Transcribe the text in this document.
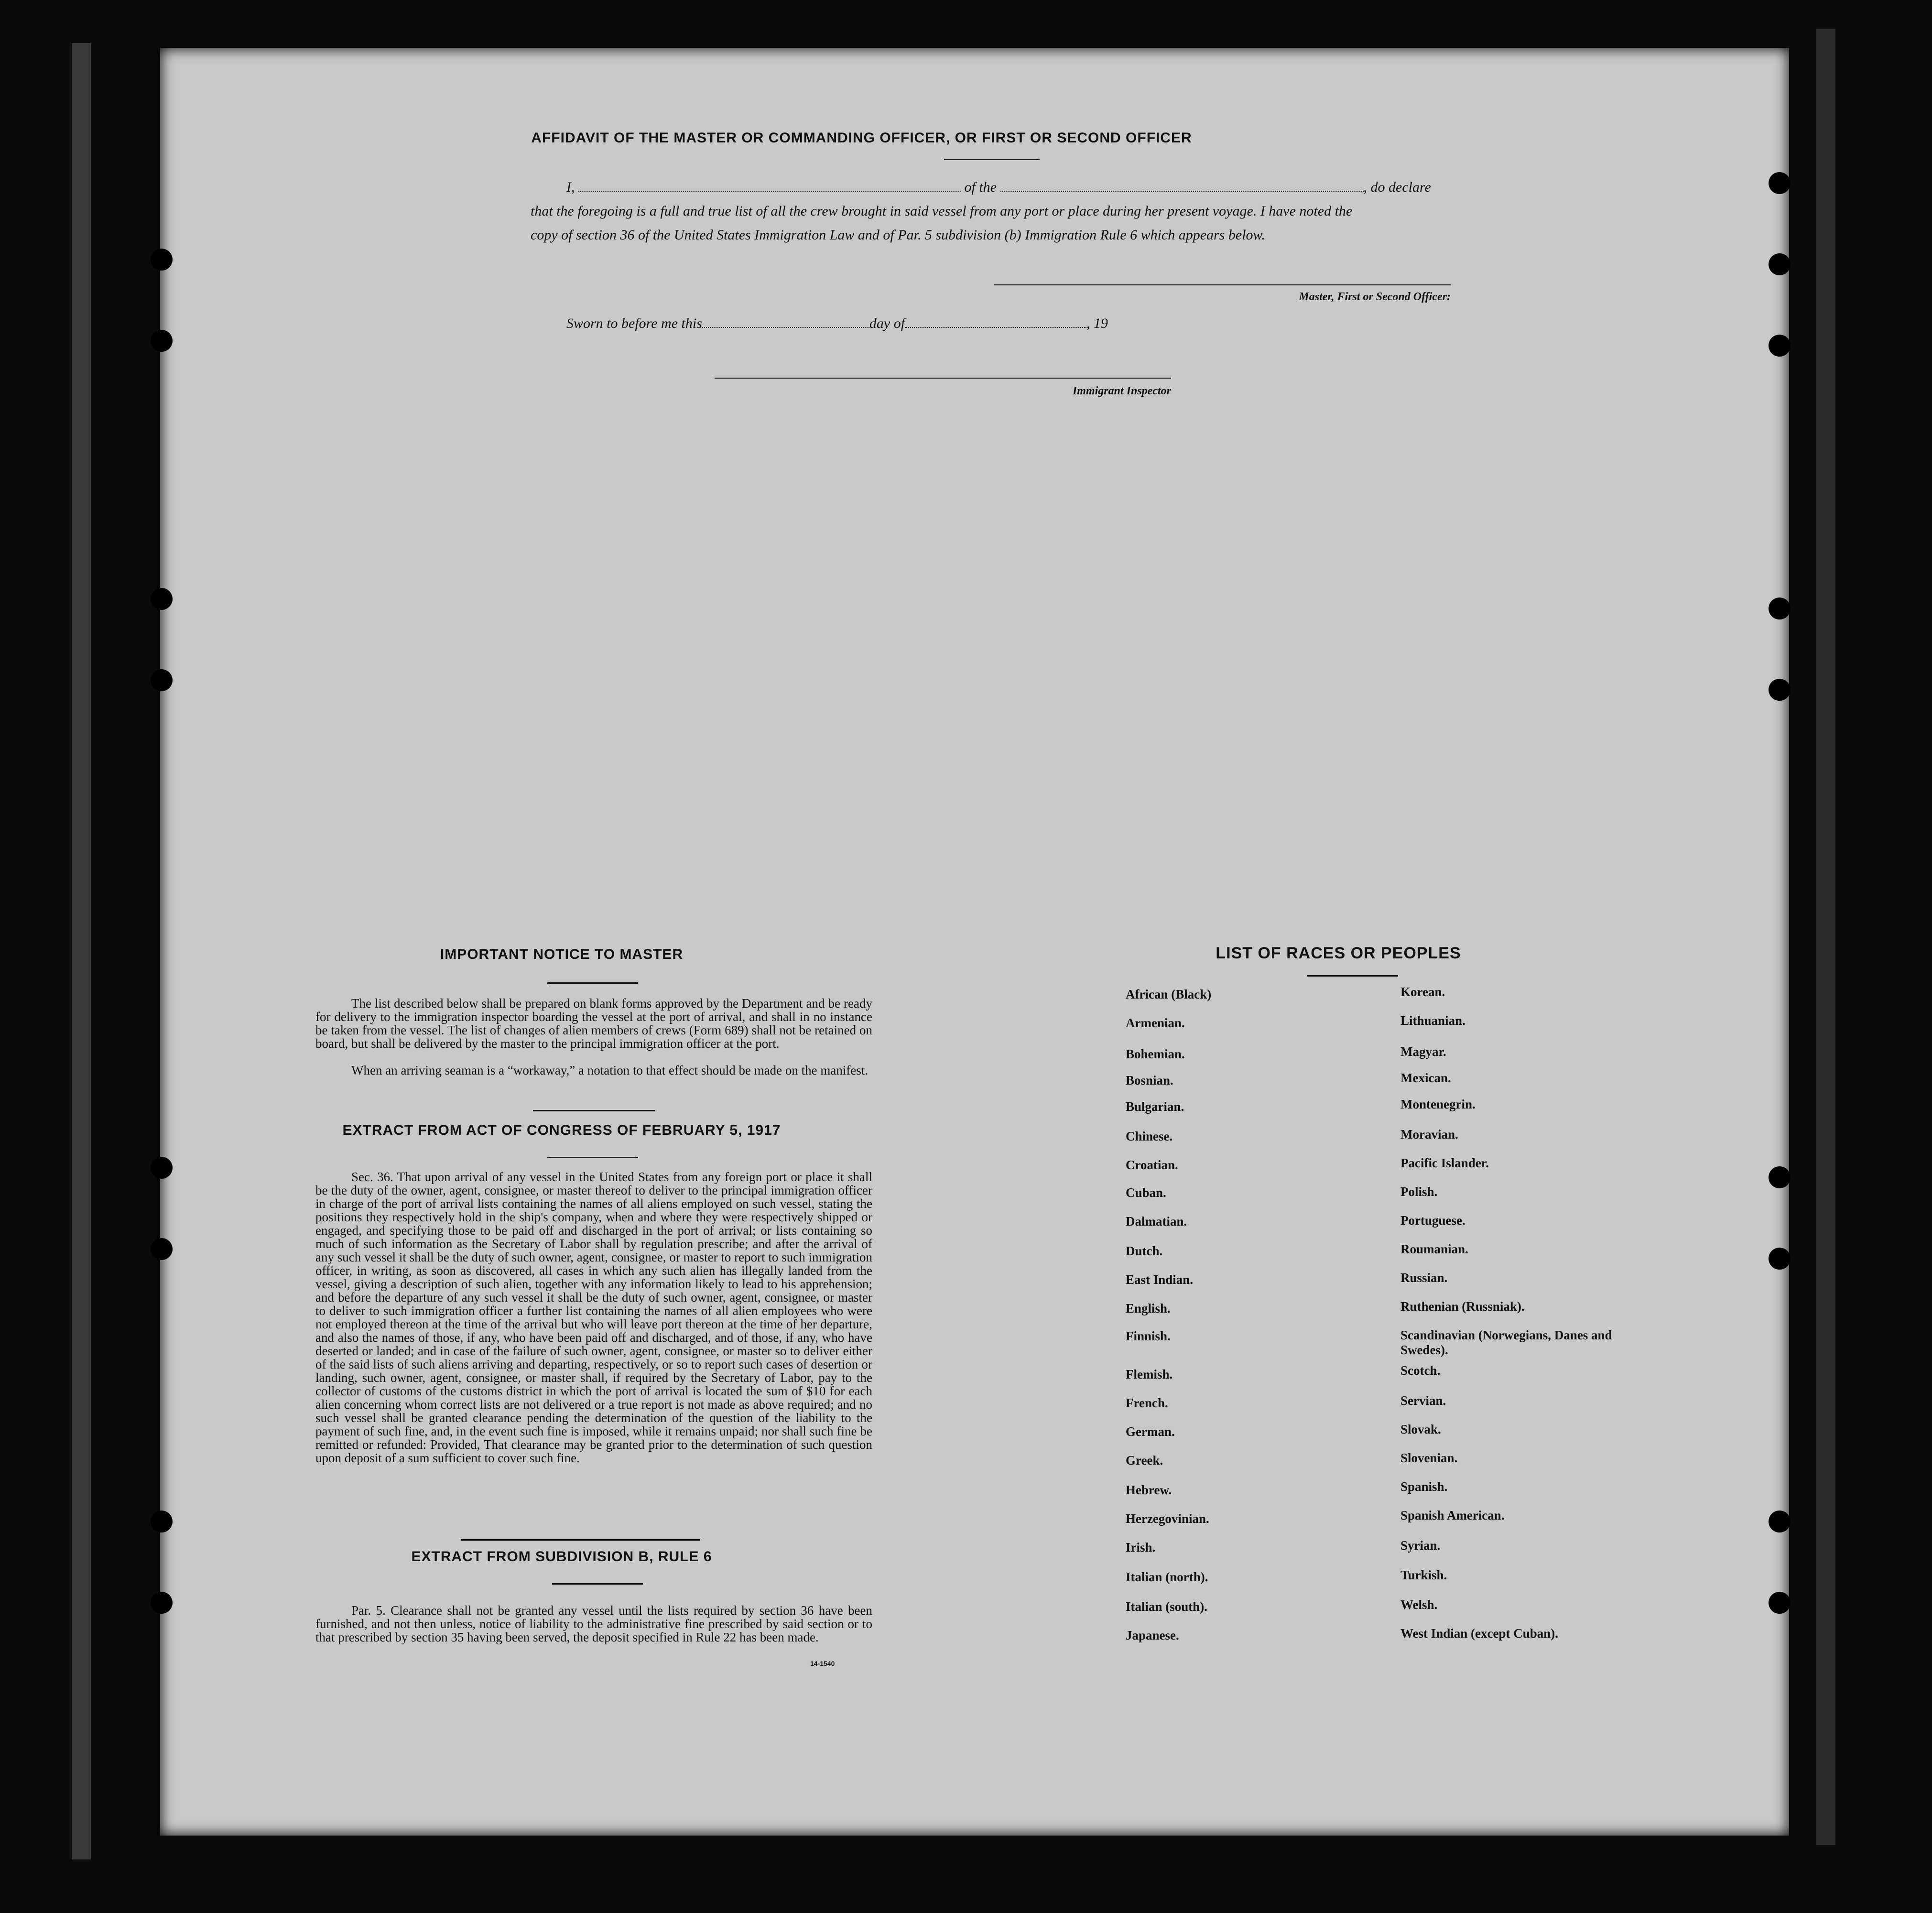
AFFIDAVIT OF THE MASTER OR COMMANDING OFFICER, OR FIRST OR SECOND OFFICER
I,	of the	, do declare
that the foregoing is a full and true list of all the crew brought in said vessel from any port or place during her present voyage. I have noted the
copy of section 36 of the United States Immigration Law and of Par. 5 subdivision (b) Immigration Rule 6 which appears below.
Master, First or Second Officer:
Sworn to before me this	day of	, 19
Immigrant Inspector
IMPORTANT NOTICE TO MASTER
The list described below shall be prepared on blank forms approved by the Department and be ready for delivery to the immigration inspector boarding the vessel at the port of arrival, and shall in no instance be taken from the vessel. The list of changes of alien members of crews (Form 689) shall not be retained on board, but shall be delivered by the master to the principal immigration officer at the port.
When an arriving seaman is a “workaway,” a notation to that effect should be made on the manifest.
EXTRACT FROM ACT OF CONGRESS OF FEBRUARY 5, 1917
Sec. 36. That upon arrival of any vessel in the United States from any foreign port or place it shall be the duty of the owner, agent, consignee, or master thereof to deliver to the principal immigration officer in charge of the port of arrival lists containing the names of all aliens employed on such vessel, stating the positions they respectively hold in the ship's company, when and where they were respectively shipped or engaged, and specifying those to be paid off and discharged in the port of arrival; or lists containing so much of such information as the Secretary of Labor shall by regulation prescribe; and after the arrival of any such vessel it shall be the duty of such owner, agent, consignee, or master to report to such immigration officer, in writing, as soon as discovered, all cases in which any such alien has illegally landed from the vessel, giving a description of such alien, together with any information likely to lead to his apprehension; and before the departure of any such vessel it shall be the duty of such owner, agent, consignee, or master to deliver to such immigration officer a further list containing the names of all alien employees who were not employed thereon at the time of the arrival but who will leave port thereon at the time of her departure, and also the names of those, if any, who have been paid off and discharged, and of those, if any, who have deserted or landed; and in case of the failure of such owner, agent, consignee, or master so to deliver either of the said lists of such aliens arriving and departing, respectively, or so to report such cases of desertion or landing, such owner, agent, consignee, or master shall, if required by the Secretary of Labor, pay to the collector of customs of the customs district in which the port of arrival is located the sum of $10 for each alien concerning whom correct lists are not delivered or a true report is not made as above required; and no such vessel shall be granted clearance pending the determination of the question of the liability to the payment of such fine, and, in the event such fine is imposed, while it remains unpaid; nor shall such fine be remitted or refunded: Provided, That clearance may be granted prior to the determination of such question upon deposit of a sum sufficient to cover such fine.
EXTRACT FROM SUBDIVISION B, RULE 6
Par. 5. Clearance shall not be granted any vessel until the lists required by section 36 have been furnished, and not then unless, notice of liability to the administrative fine prescribed by said section or to that prescribed by section 35 having been served, the deposit specified in Rule 22 has been made.
14-1540
LIST OF RACES OR PEOPLES
African (Black)
Armenian.
Bohemian.
Bosnian.
Bulgarian.
Chinese.
Croatian.
Cuban.
Dalmatian.
Dutch.
East Indian.
English.
Finnish.
Flemish.
French.
German.
Greek.
Hebrew.
Herzegovinian.
Irish.
Italian (north).
Italian (south).
Japanese.
Korean.
Lithuanian.
Magyar.
Mexican.
Montenegrin.
Moravian.
Pacific Islander.
Polish.
Portuguese.
Roumanian.
Russian.
Ruthenian (Russniak).
Scandinavian (Norwegians, Danes and Swedes).
Scotch.
Servian.
Slovak.
Slovenian.
Spanish.
Spanish American.
Syrian.
Turkish.
Welsh.
West Indian (except Cuban).
